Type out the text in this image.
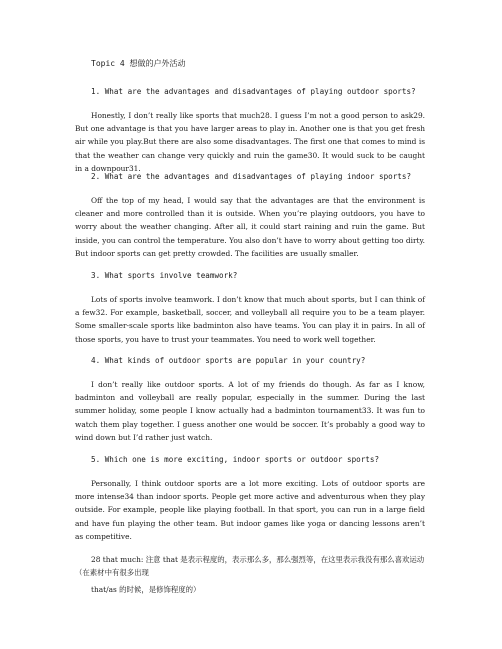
Topic 4 想做的户外活动
1. What are the advantages and disadvantages of playing outdoor sports?
Honestly, I don’t really like sports that much28. I guess I’m not a good person to ask29. But one advantage is that you have larger areas to play in. Another one is that you get fresh air while you play.But there are also some disadvantages. The first one that comes to mind is that the weather can change very quickly and ruin the game30. It would suck to be caught in a downpour31.
2. What are the advantages and disadvantages of playing indoor sports?
Off the top of my head, I would say that the advantages are that the environment is cleaner and more controlled than it is outside. When you’re playing outdoors, you have to worry about the weather changing. After all, it could start raining and ruin the game. But inside, you can control the temperature. You also don’t have to worry about getting too dirty. But indoor sports can get pretty crowded. The facilities are usually smaller.
3. What sports involve teamwork?
Lots of sports involve teamwork. I don’t know that much about sports, but I can think of a few32. For example, basketball, soccer, and volleyball all require you to be a team player. Some smaller-scale sports like badminton also have teams. You can play it in pairs. In all of those sports, you have to trust your teammates. You need to work well together.
4. What kinds of outdoor sports are popular in your country?
I don’t really like outdoor sports. A lot of my friends do though. As far as I know, badminton and volleyball are really popular, especially in the summer. During the last summer holiday, some people I know actually had a badminton tournament33. It was fun to watch them play together. I guess another one would be soccer. It’s probably a good way to wind down but I’d rather just watch.
5. Which one is more exciting, indoor sports or outdoor sports?
Personally, I think outdoor sports are a lot more exciting. Lots of outdoor sports are more intense34 than indoor sports. People get more active and adventurous when they play outside. For example, people like playing football. In that sport, you can run in a large field and have fun playing the other team. But indoor games like yoga or dancing lessons aren’t as competitive.
28 that much: 注意 that 是表示程度的，表示那么多，那么强烈等，在这里表示我没有那么喜欢运动（在素材中有很多出现
that/as 的时候，是修饰程度的）
